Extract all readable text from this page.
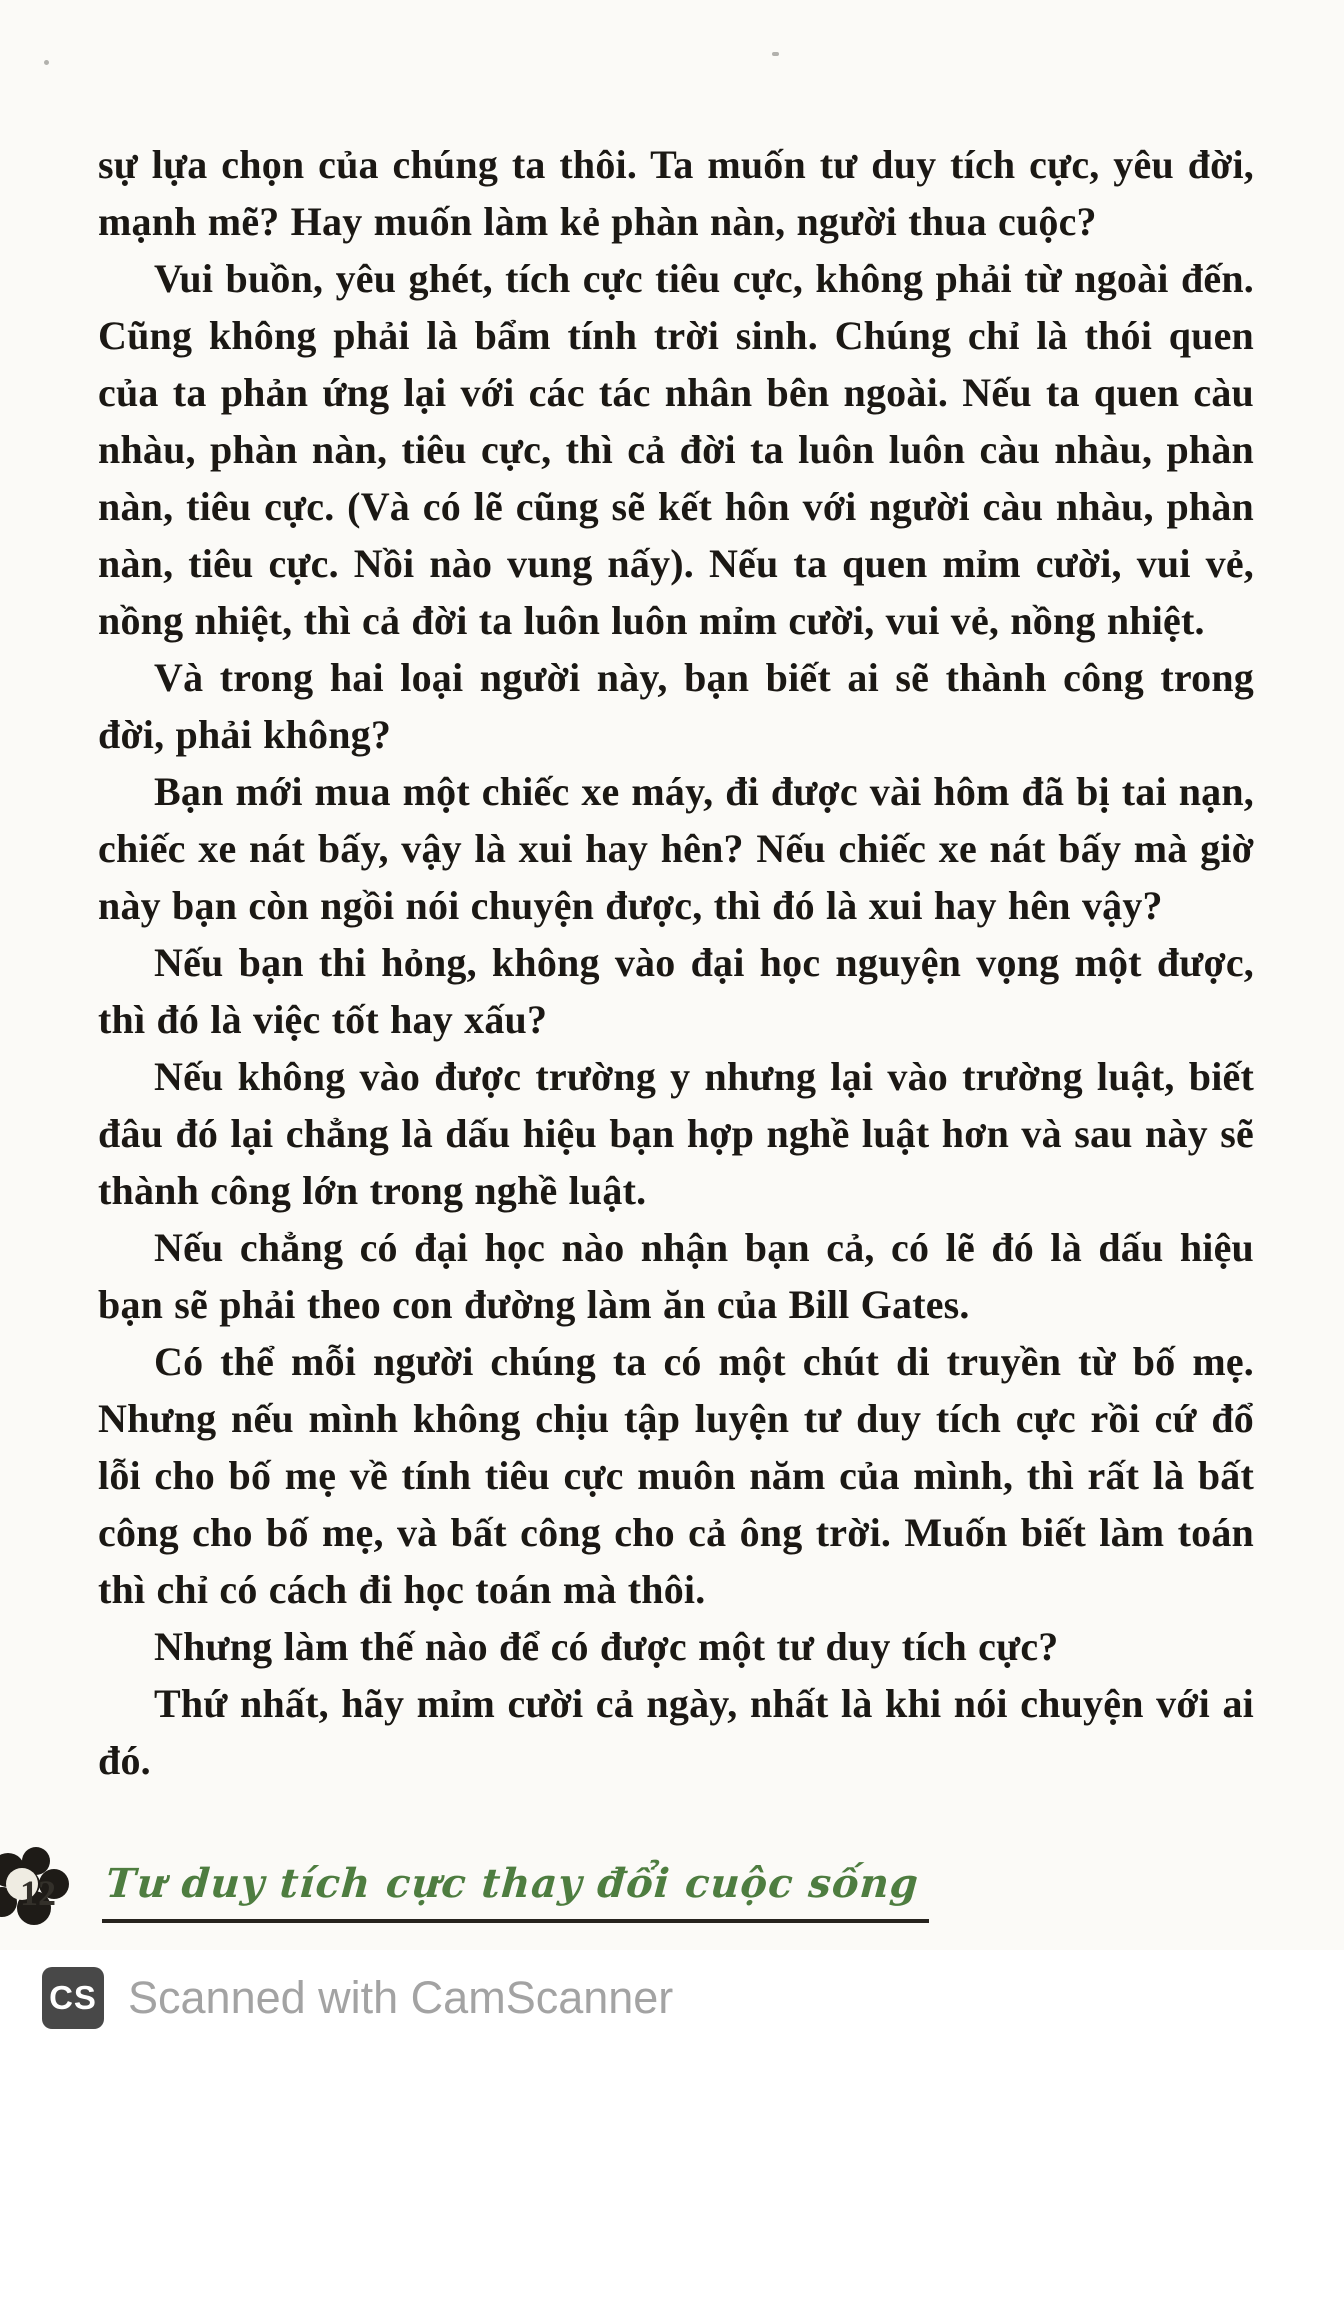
sự lựa chọn của chúng ta thôi. Ta muốn tư duy tích cực, yêu đời, mạnh mẽ? Hay muốn làm kẻ phàn nàn, người thua cuộc?

Vui buồn, yêu ghét, tích cực tiêu cực, không phải từ ngoài đến. Cũng không phải là bẩm tính trời sinh. Chúng chỉ là thói quen của ta phản ứng lại với các tác nhân bên ngoài. Nếu ta quen càu nhàu, phàn nàn, tiêu cực, thì cả đời ta luôn luôn càu nhàu, phàn nàn, tiêu cực. (Và có lẽ cũng sẽ kết hôn với người càu nhàu, phàn nàn, tiêu cực. Nồi nào vung nấy). Nếu ta quen mỉm cười, vui vẻ, nồng nhiệt, thì cả đời ta luôn luôn mỉm cười, vui vẻ, nồng nhiệt.

Và trong hai loại người này, bạn biết ai sẽ thành công trong đời, phải không?

Bạn mới mua một chiếc xe máy, đi được vài hôm đã bị tai nạn, chiếc xe nát bấy, vậy là xui hay hên? Nếu chiếc xe nát bấy mà giờ này bạn còn ngồi nói chuyện được, thì đó là xui hay hên vậy?

Nếu bạn thi hỏng, không vào đại học nguyện vọng một được, thì đó là việc tốt hay xấu?

Nếu không vào được trường y nhưng lại vào trường luật, biết đâu đó lại chẳng là dấu hiệu bạn hợp nghề luật hơn và sau này sẽ thành công lớn trong nghề luật.

Nếu chẳng có đại học nào nhận bạn cả, có lẽ đó là dấu hiệu bạn sẽ phải theo con đường làm ăn của Bill Gates.

Có thể mỗi người chúng ta có một chút di truyền từ bố mẹ. Nhưng nếu mình không chịu tập luyện tư duy tích cực rồi cứ đổ lỗi cho bố mẹ về tính tiêu cực muôn năm của mình, thì rất là bất công cho bố mẹ, và bất công cho cả ông trời. Muốn biết làm toán thì chỉ có cách đi học toán mà thôi.

Nhưng làm thế nào để có được một tư duy tích cực?

Thứ nhất, hãy mỉm cười cả ngày, nhất là khi nói chuyện với ai đó.

12 Tư duy tích cực thay đổi cuộc sống
CS Scanned with CamScanner
